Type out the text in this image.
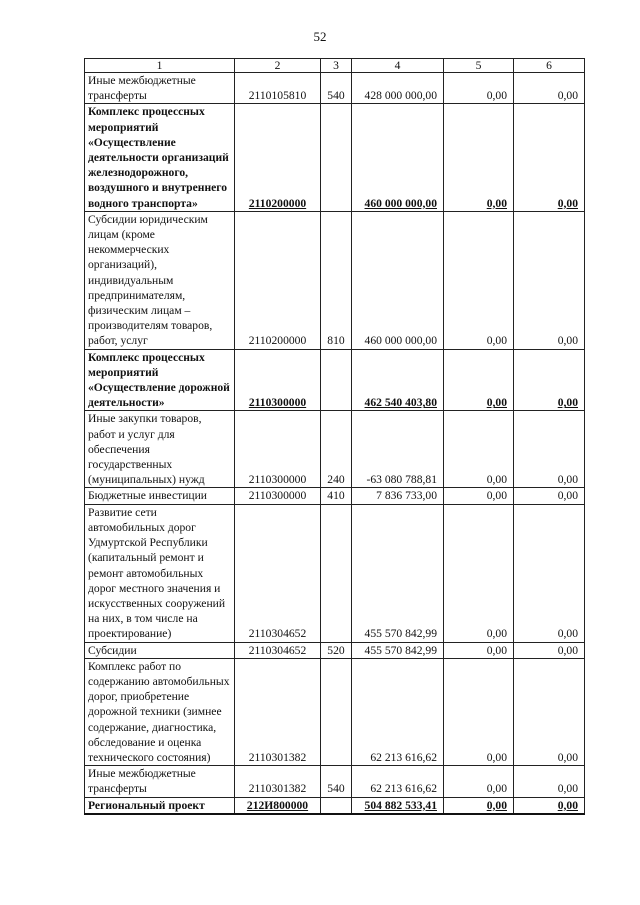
52
1	2	3	4	5	6
Иные межбюджетные трансферты	2110105810	540	428 000 000,00	0,00	0,00
Комплекс процессных мероприятий «Осуществление деятельности организаций железнодорожного, воздушного и внутреннего водного транспорта»	2110200000		460 000 000,00	0,00	0,00
Субсидии юридическим лицам (кроме некоммерческих организаций), индивидуальным предпринимателям, физическим лицам – производителям товаров, работ, услуг	2110200000	810	460 000 000,00	0,00	0,00
Комплекс процессных мероприятий «Осуществление дорожной деятельности»	2110300000		462 540 403,80	0,00	0,00
Иные закупки товаров, работ и услуг для обеспечения государственных (муниципальных) нужд	2110300000	240	-63 080 788,81	0,00	0,00
Бюджетные инвестиции	2110300000	410	7 836 733,00	0,00	0,00
Развитие сети автомобильных дорог Удмуртской Республики (капитальный ремонт и ремонт автомобильных дорог местного значения и искусственных сооружений на них, в том числе на проектирование)	2110304652		455 570 842,99	0,00	0,00
Субсидии	2110304652	520	455 570 842,99	0,00	0,00
Комплекс работ по содержанию автомобильных дорог, приобретение дорожной техники (зимнее содержание, диагностика, обследование и оценка технического состояния)	2110301382		62 213 616,62	0,00	0,00
Иные межбюджетные трансферты	2110301382	540	62 213 616,62	0,00	0,00
Региональный проект	212И800000		504 882 533,41	0,00	0,00
